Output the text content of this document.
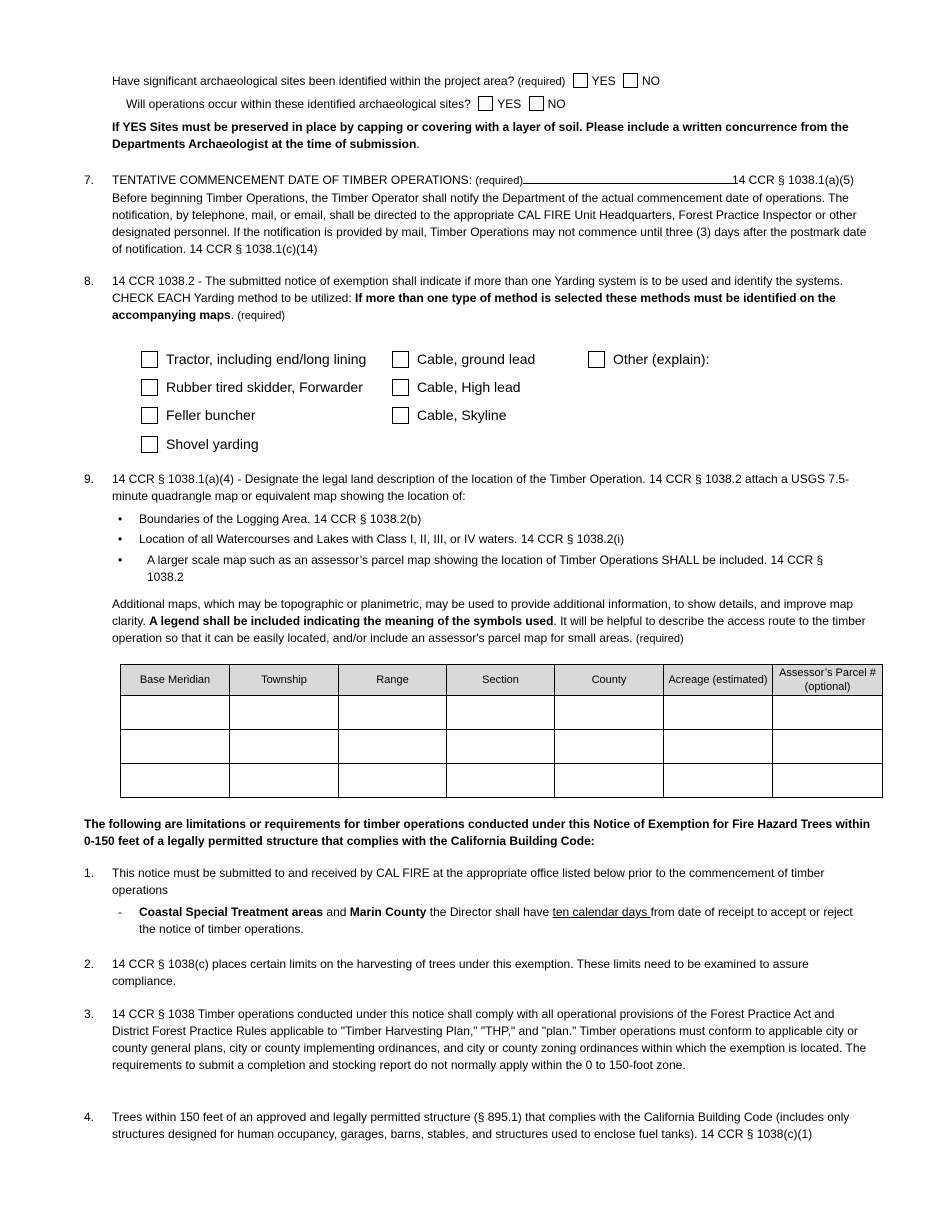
Have significant archaeological sites been identified within the project area? (required) YES NO
Will operations occur within these identified archaeological sites? YES NO
If YES Sites must be preserved in place by capping or covering with a layer of soil. Please include a written concurrence from the Departments Archaeologist at the time of submission.
7. TENTATIVE COMMENCEMENT DATE OF TIMBER OPERATIONS: (required)	14 CCR § 1038.1(a)(5)
Before beginning Timber Operations, the Timber Operator shall notify the Department of the actual commencement date of operations. The notification, by telephone, mail, or email, shall be directed to the appropriate CAL FIRE Unit Headquarters, Forest Practice Inspector or other designated personnel. If the notification is provided by mail, Timber Operations may not commence until three (3) days after the postmark date of notification. 14 CCR § 1038.1(c)(14)
8. 14 CCR 1038.2 - The submitted notice of exemption shall indicate if more than one Yarding system is to be used and identify the systems.
CHECK EACH Yarding method to be utilized: If more than one type of method is selected these methods must be identified on the accompanying maps. (required)
Tractor, including end/long lining
Rubber tired skidder, Forwarder
Feller buncher
Shovel yarding
Cable, ground lead
Cable, High lead
Cable, Skyline
Other (explain):
9. 14 CCR § 1038.1(a)(4) - Designate the legal land description of the location of the Timber Operation. 14 CCR § 1038.2 attach a USGS 7.5-minute quadrangle map or equivalent map showing the location of:
• Boundaries of the Logging Area. 14 CCR § 1038.2(b)
• Location of all Watercourses and Lakes with Class I, II, III, or IV waters. 14 CCR § 1038.2(i)
• A larger scale map such as an assessor’s parcel map showing the location of Timber Operations SHALL be included. 14 CCR § 1038.2
Additional maps, which may be topographic or planimetric, may be used to provide additional information, to show details, and improve map clarity. A legend shall be included indicating the meaning of the symbols used. It will be helpful to describe the access route to the timber operation so that it can be easily located, and/or include an assessor's parcel map for small areas. (required)
Base Meridian	Township	Range	Section	County	Acreage (estimated)	Assessor’s Parcel # (optional)

The following are limitations or requirements for timber operations conducted under this Notice of Exemption for Fire Hazard Trees within 0-150 feet of a legally permitted structure that complies with the California Building Code:
1. This notice must be submitted to and received by CAL FIRE at the appropriate office listed below prior to the commencement of timber operations
- Coastal Special Treatment areas and Marin County the Director shall have ten calendar days from date of receipt to accept or reject the notice of timber operations.
2. 14 CCR § 1038(c) places certain limits on the harvesting of trees under this exemption. These limits need to be examined to assure compliance.
3. 14 CCR § 1038 Timber operations conducted under this notice shall comply with all operational provisions of the Forest Practice Act and District Forest Practice Rules applicable to "Timber Harvesting Plan," "THP," and "plan." Timber operations must conform to applicable city or county general plans, city or county implementing ordinances, and city or county zoning ordinances within which the exemption is located. The requirements to submit a completion and stocking report do not normally apply within the 0 to 150-foot zone.
4. Trees within 150 feet of an approved and legally permitted structure (§ 895.1) that complies with the California Building Code (includes only structures designed for human occupancy, garages, barns, stables, and structures used to enclose fuel tanks). 14 CCR § 1038(c)(1)
